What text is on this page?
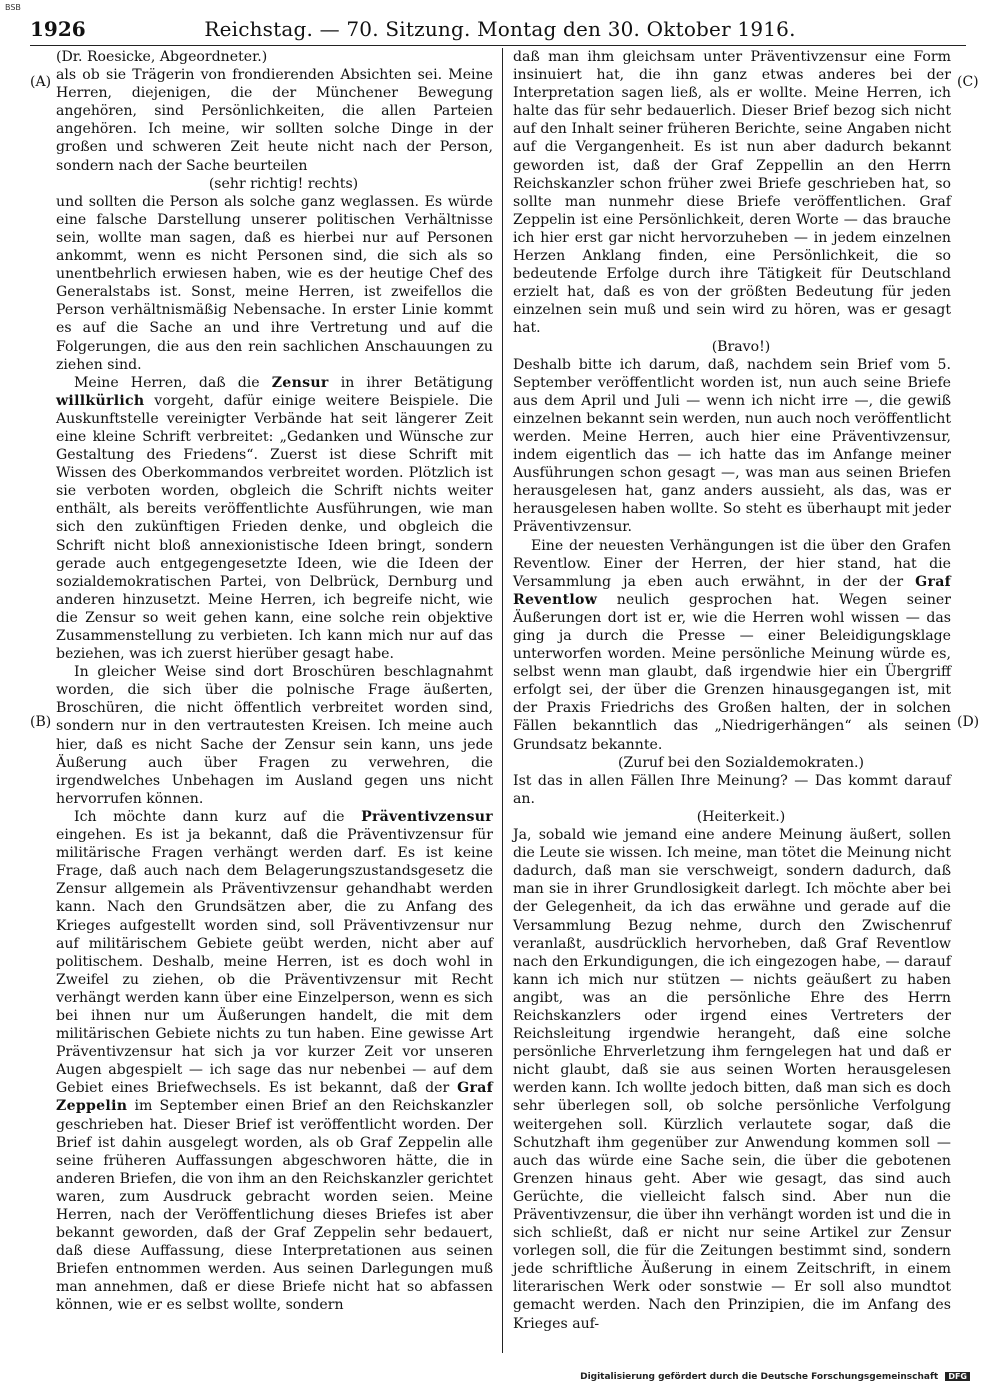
BSB
1926	Reichstag. — 70. Sitzung. Montag den 30. Oktober 1916.
(A)
(B)
(C)
(D)

(Dr. Roesicke, Abgeordneter.)

als ob sie Trägerin von frondierenden Absichten sei. Meine Herren, diejenigen, die der Münchener Bewegung angehören, sind Persönlichkeiten, die allen Parteien angehören. Ich meine, wir sollten solche Dinge in der großen und schweren Zeit heute nicht nach der Person, sondern nach der Sache beurteilen

(sehr richtig! rechts)

und sollten die Person als solche ganz weglassen. Es würde eine falsche Darstellung unserer politischen Verhältnisse sein, wollte man sagen, daß es hierbei nur auf Personen ankommt, wenn es nicht Personen sind, die sich als so unentbehrlich erwiesen haben, wie es der heutige Chef des Generalstabs ist. Sonst, meine Herren, ist zweifellos die Person verhältnismäßig Nebensache. In erster Linie kommt es auf die Sache an und ihre Vertretung und auf die Folgerungen, die aus den rein sachlichen Anschauungen zu ziehen sind.

Meine Herren, daß die Zensur in ihrer Betätigung willkürlich vorgeht, dafür einige weitere Beispiele. Die Auskunftstelle vereinigter Verbände hat seit längerer Zeit eine kleine Schrift verbreitet: „Gedanken und Wünsche zur Gestaltung des Friedens“. Zuerst ist diese Schrift mit Wissen des Oberkommandos verbreitet worden. Plötzlich ist sie verboten worden, obgleich die Schrift nichts weiter enthält, als bereits veröffentlichte Ausführungen, wie man sich den zukünftigen Frieden denke, und obgleich die Schrift nicht bloß annexionistische Ideen bringt, sondern gerade auch entgegengesetzte Ideen, wie die Ideen der sozialdemokratischen Partei, von Delbrück, Dernburg und anderen hinzusetzt. Meine Herren, ich begreife nicht, wie die Zensur so weit gehen kann, eine solche rein objektive Zusammenstellung zu verbieten. Ich kann mich nur auf das beziehen, was ich zuerst hierüber gesagt habe.

In gleicher Weise sind dort Broschüren beschlagnahmt worden, die sich über die polnische Frage äußerten, Broschüren, die nicht öffentlich verbreitet worden sind, sondern nur in den vertrautesten Kreisen. Ich meine auch hier, daß es nicht Sache der Zensur sein kann, uns jede Äußerung auch über Fragen zu verwehren, die irgendwelches Unbehagen im Ausland gegen uns nicht hervorrufen können.

Ich möchte dann kurz auf die Präventivzensur eingehen. Es ist ja bekannt, daß die Präventivzensur für militärische Fragen verhängt werden darf. Es ist keine Frage, daß auch nach dem Belagerungszustandsgesetz die Zensur allgemein als Präventivzensur gehandhabt werden kann. Nach den Grundsätzen aber, die zu Anfang des Krieges aufgestellt worden sind, soll Präventivzensur nur auf militärischem Gebiete geübt werden, nicht aber auf politischem. Deshalb, meine Herren, ist es doch wohl in Zweifel zu ziehen, ob die Präventivzensur mit Recht verhängt werden kann über eine Einzelperson, wenn es sich bei ihnen nur um Äußerungen handelt, die mit dem militärischen Gebiete nichts zu tun haben. Eine gewisse Art Präventivzensur hat sich ja vor kurzer Zeit vor unseren Augen abgespielt — ich sage das nur nebenbei — auf dem Gebiet eines Briefwechsels. Es ist bekannt, daß der Graf Zeppelin im September einen Brief an den Reichskanzler geschrieben hat. Dieser Brief ist veröffentlicht worden. Der Brief ist dahin ausgelegt worden, als ob Graf Zeppelin alle seine früheren Auffassungen abgeschworen hätte, die in anderen Briefen, die von ihm an den Reichskanzler gerichtet waren, zum Ausdruck gebracht worden seien. Meine Herren, nach der Veröffentlichung dieses Briefes ist aber bekannt geworden, daß der Graf Zeppelin sehr bedauert, daß diese Auffassung, diese Interpretationen aus seinen Briefen entnommen werden. Aus seinen Darlegungen muß man annehmen, daß er diese Briefe nicht hat so abfassen können, wie er es selbst wollte, sondern

daß man ihm gleichsam unter Präventivzensur eine Form insinuiert hat, die ihn ganz etwas anderes bei der Interpretation sagen ließ, als er wollte. Meine Herren, ich halte das für sehr bedauerlich. Dieser Brief bezog sich nicht auf den Inhalt seiner früheren Berichte, seine Angaben nicht auf die Vergangenheit. Es ist nun aber dadurch bekannt geworden ist, daß der Graf Zeppellin an den Herrn Reichskanzler schon früher zwei Briefe geschrieben hat, so sollte man nunmehr diese Briefe veröffentlichen. Graf Zeppelin ist eine Persönlichkeit, deren Worte — das brauche ich hier erst gar nicht hervorzuheben — in jedem einzelnen Herzen Anklang finden, eine Persönlichkeit, die so bedeutende Erfolge durch ihre Tätigkeit für Deutschland erzielt hat, daß es von der größten Bedeutung für jeden einzelnen sein muß und sein wird zu hören, was er gesagt hat.

(Bravo!)

Deshalb bitte ich darum, daß, nachdem sein Brief vom 5. September veröffentlicht worden ist, nun auch seine Briefe aus dem April und Juli — wenn ich nicht irre —, die gewiß einzelnen bekannt sein werden, nun auch noch veröffentlicht werden. Meine Herren, auch hier eine Präventivzensur, indem eigentlich das — ich hatte das im Anfange meiner Ausführungen schon gesagt —, was man aus seinen Briefen herausgelesen hat, ganz anders aussieht, als das, was er herausgelesen haben wollte. So steht es überhaupt mit jeder Präventivzensur.

Eine der neuesten Verhängungen ist die über den Grafen Reventlow. Einer der Herren, der hier stand, hat die Versammlung ja eben auch erwähnt, in der der Graf Reventlow neulich gesprochen hat. Wegen seiner Äußerungen dort ist er, wie die Herren wohl wissen — das ging ja durch die Presse — einer Beleidigungsklage unterworfen worden. Meine persönliche Meinung würde es, selbst wenn man glaubt, daß irgendwie hier ein Übergriff erfolgt sei, der über die Grenzen hinausgegangen ist, mit der Praxis Friedrichs des Großen halten, der in solchen Fällen bekanntlich das „Niedrigerhängen“ als seinen Grundsatz bekannte.

(Zuruf bei den Sozialdemokraten.)

Ist das in allen Fällen Ihre Meinung? — Das kommt darauf an.

(Heiterkeit.)

Ja, sobald wie jemand eine andere Meinung äußert, sollen die Leute sie wissen. Ich meine, man tötet die Meinung nicht dadurch, daß man sie verschweigt, sondern dadurch, daß man sie in ihrer Grundlosigkeit darlegt. Ich möchte aber bei der Gelegenheit, da ich das erwähne und gerade auf die Versammlung Bezug nehme, durch den Zwischenruf veranlaßt, ausdrücklich hervorheben, daß Graf Reventlow nach den Erkundigungen, die ich eingezogen habe, — darauf kann ich mich nur stützen — nichts geäußert zu haben angibt, was an die persönliche Ehre des Herrn Reichskanzlers oder irgend eines Vertreters der Reichsleitung irgendwie herangeht, daß eine solche persönliche Ehrverletzung ihm ferngelegen hat und daß er nicht glaubt, daß sie aus seinen Worten herausgelesen werden kann. Ich wollte jedoch bitten, daß man sich es doch sehr überlegen soll, ob solche persönliche Verfolgung weitergehen soll. Kürzlich verlautete sogar, daß die Schutzhaft ihm gegenüber zur Anwendung kommen soll — auch das würde eine Sache sein, die über die gebotenen Grenzen hinaus geht. Aber wie gesagt, das sind auch Gerüchte, die vielleicht falsch sind. Aber nun die Präventivzensur, die über ihn verhängt worden ist und die in sich schließt, daß er nicht nur seine Artikel zur Zensur vorlegen soll, die für die Zeitungen bestimmt sind, sondern jede schriftliche Äußerung in einem Zeitschrift, in einem literarischen Werk oder sonstwie — Er soll also mundtot gemacht werden. Nach den Prinzipien, die im Anfang des Krieges auf-

Digitalisierung gefördert durch die Deutsche Forschungsgemeinschaft DFG
